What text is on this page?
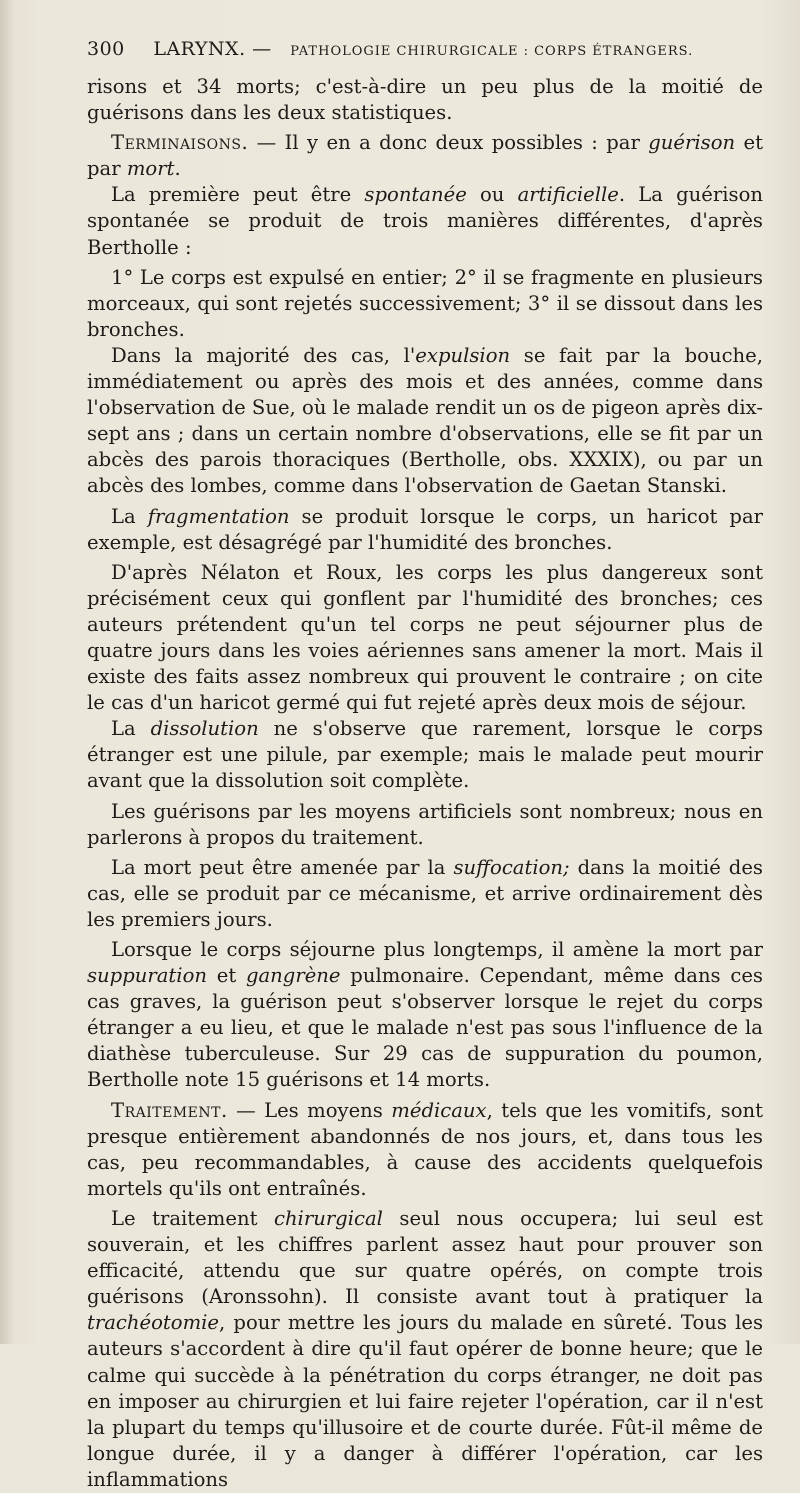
300 LARYNX. — PATHOLOGIE CHIRURGICALE : CORPS ÉTRANGERS.

risons et 34 morts; c'est-à-dire un peu plus de la moitié de guérisons dans les deux statistiques.

Terminaisons. — Il y en a donc deux possibles : par guérison et par mort.

La première peut être spontanée ou artificielle. La guérison spontanée se produit de trois manières différentes, d'après Bertholle :

1° Le corps est expulsé en entier; 2° il se fragmente en plusieurs morceaux, qui sont rejetés successivement; 3° il se dissout dans les bronches.

Dans la majorité des cas, l'expulsion se fait par la bouche, immédiatement ou après des mois et des années, comme dans l'observation de Sue, où le malade rendit un os de pigeon après dix-sept ans ; dans un certain nombre d'observations, elle se fit par un abcès des parois thoraciques (Bertholle, obs. XXXIX), ou par un abcès des lombes, comme dans l'observation de Gaetan Stanski.

La fragmentation se produit lorsque le corps, un haricot par exemple, est désagrégé par l'humidité des bronches.

D'après Nélaton et Roux, les corps les plus dangereux sont précisément ceux qui gonflent par l'humidité des bronches; ces auteurs prétendent qu'un tel corps ne peut séjourner plus de quatre jours dans les voies aériennes sans amener la mort. Mais il existe des faits assez nombreux qui prouvent le contraire ; on cite le cas d'un haricot germé qui fut rejeté après deux mois de séjour.

La dissolution ne s'observe que rarement, lorsque le corps étranger est une pilule, par exemple; mais le malade peut mourir avant que la dissolution soit complète.

Les guérisons par les moyens artificiels sont nombreux; nous en parlerons à propos du traitement.

La mort peut être amenée par la suffocation; dans la moitié des cas, elle se produit par ce mécanisme, et arrive ordinairement dès les premiers jours.

Lorsque le corps séjourne plus longtemps, il amène la mort par suppuration et gangrène pulmonaire. Cependant, même dans ces cas graves, la guérison peut s'observer lorsque le rejet du corps étranger a eu lieu, et que le malade n'est pas sous l'influence de la diathèse tuberculeuse. Sur 29 cas de suppuration du poumon, Bertholle note 15 guérisons et 14 morts.

Traitement. — Les moyens médicaux, tels que les vomitifs, sont presque entièrement abandonnés de nos jours, et, dans tous les cas, peu recommandables, à cause des accidents quelquefois mortels qu'ils ont entraînés.

Le traitement chirurgical seul nous occupera; lui seul est souverain, et les chiffres parlent assez haut pour prouver son efficacité, attendu que sur quatre opérés, on compte trois guérisons (Aronssohn). Il consiste avant tout à pratiquer la trachéotomie, pour mettre les jours du malade en sûreté. Tous les auteurs s'accordent à dire qu'il faut opérer de bonne heure; que le calme qui succède à la pénétration du corps étranger, ne doit pas en imposer au chirurgien et lui faire rejeter l'opération, car il n'est la plupart du temps qu'illusoire et de courte durée. Fût-il même de longue durée, il y a danger à différer l'opération, car les inflammations
